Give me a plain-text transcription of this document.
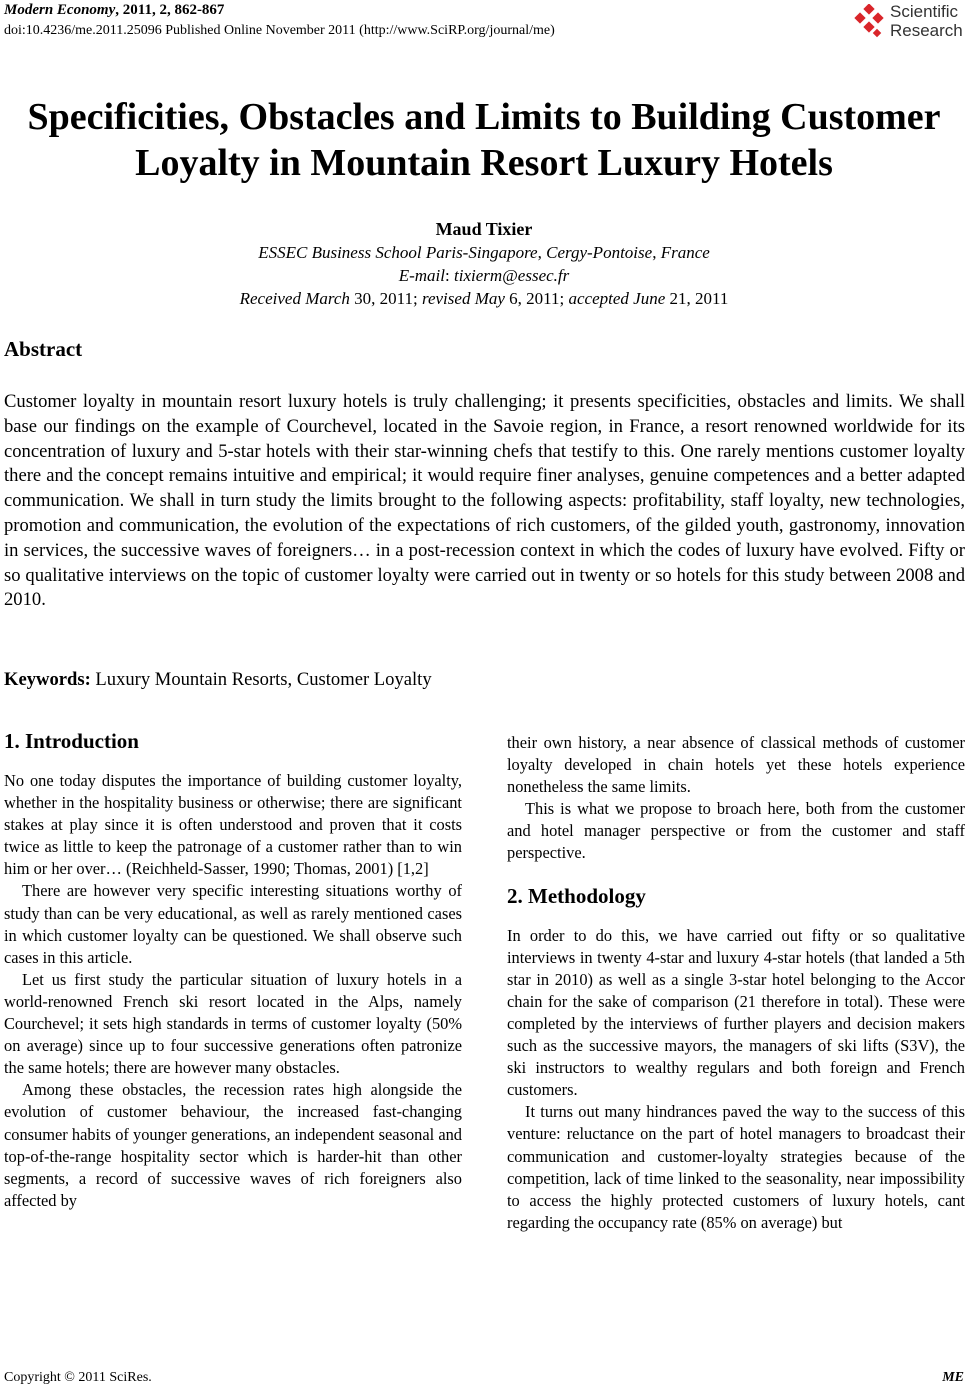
Modern Economy, 2011, 2, 862-867
doi:10.4236/me.2011.25096 Published Online November 2011 (http://www.SciRP.org/journal/me)
Scientific
Research
Specificities, Obstacles and Limits to Building Customer
Loyalty in Mountain Resort Luxury Hotels
Maud Tixier
ESSEC Business School Paris-Singapore, Cergy-Pontoise, France
E-mail: tixierm@essec.fr
Received March 30, 2011; revised May 6, 2011; accepted June 21, 2011
Abstract

Customer loyalty in mountain resort luxury hotels is truly challenging; it presents specificities, obstacles and limits. We shall base our findings on the example of Courchevel, located in the Savoie region, in France, a resort renowned worldwide for its concentration of luxury and 5-star hotels with their star-winning chefs that testify to this. One rarely mentions customer loyalty there and the concept remains intuitive and empirical; it would require finer analyses, genuine competences and a better adapted communication. We shall in turn study the limits brought to the following aspects: profitability, staff loyalty, new technologies, promotion and communication, the evolution of the expectations of rich customers, of the gilded youth, gastronomy, innovation in services, the successive waves of foreigners… in a post-recession context in which the codes of luxury have evolved. Fifty or so qualitative interviews on the topic of customer loyalty were carried out in twenty or so hotels for this study between 2008 and 2010.

Keywords: Luxury Mountain Resorts, Customer Loyalty
1. Introduction

No one today disputes the importance of building customer loyalty, whether in the hospitality business or otherwise; there are significant stakes at play since it is often understood and proven that it costs twice as little to keep the patronage of a customer rather than to win him or her over… (Reichheld-Sasser, 1990; Thomas, 2001) [1,2]

There are however very specific interesting situations worthy of study than can be very educational, as well as rarely mentioned cases in which customer loyalty can be questioned. We shall observe such cases in this article.

Let us first study the particular situation of luxury hotels in a world-renowned French ski resort located in the Alps, namely Courchevel; it sets high standards in terms of customer loyalty (50% on average) since up to four successive generations often patronize the same hotels; there are however many obstacles.

Among these obstacles, the recession rates high alongside the evolution of customer behaviour, the increased fast-changing consumer habits of younger generations, an independent seasonal and top-of-the-range hospitality sector which is harder-hit than other segments, a record of successive waves of rich foreigners also affected by

their own history, a near absence of classical methods of customer loyalty developed in chain hotels yet these hotels experience nonetheless the same limits.

This is what we propose to broach here, both from the customer and hotel manager perspective or from the customer and staff perspective.

2. Methodology

In order to do this, we have carried out fifty or so qualitative interviews in twenty 4-star and luxury 4-star hotels (that landed a 5th star in 2010) as well as a single 3-star hotel belonging to the Accor chain for the sake of comparison (21 therefore in total). These were completed by the interviews of further players and decision makers such as the successive mayors, the managers of ski lifts (S3V), the ski instructors to wealthy regulars and both foreign and French customers.

It turns out many hindrances paved the way to the success of this venture: reluctance on the part of hotel managers to broadcast their communication and customer-loyalty strategies because of the competition, lack of time linked to the seasonality, near impossibility to access the highly protected customers of luxury hotels, cant regarding the occupancy rate (85% on average) but

Copyright © 2011 SciRes.	ME
